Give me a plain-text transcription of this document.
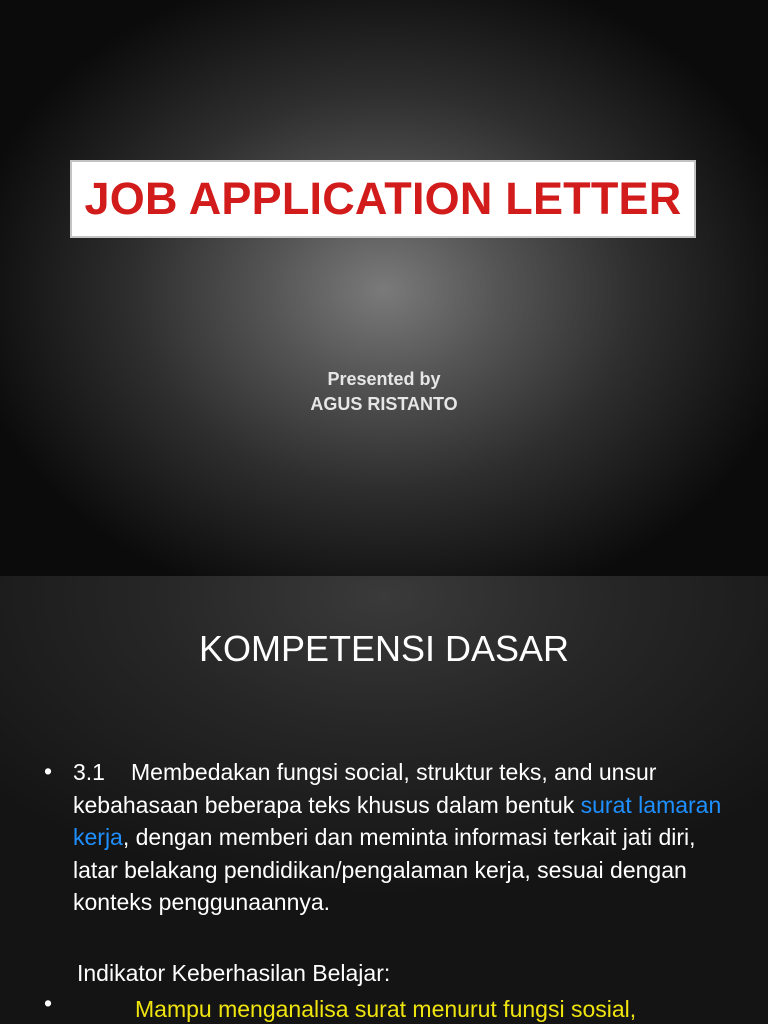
JOB APPLICATION LETTER
Presented by
AGUS RISTANTO
KOMPETENSI DASAR
• 3.1 Membedakan fungsi social, struktur teks, and unsur kebahasaan beberapa teks khusus dalam bentuk surat lamaran kerja, dengan memberi dan meminta informasi terkait jati diri, latar belakang pendidikan/pengalaman kerja, sesuai dengan konteks penggunaannya.
Indikator Keberhasilan Belajar:
•	Mampu menganalisa surat menurut fungsi sosial,
